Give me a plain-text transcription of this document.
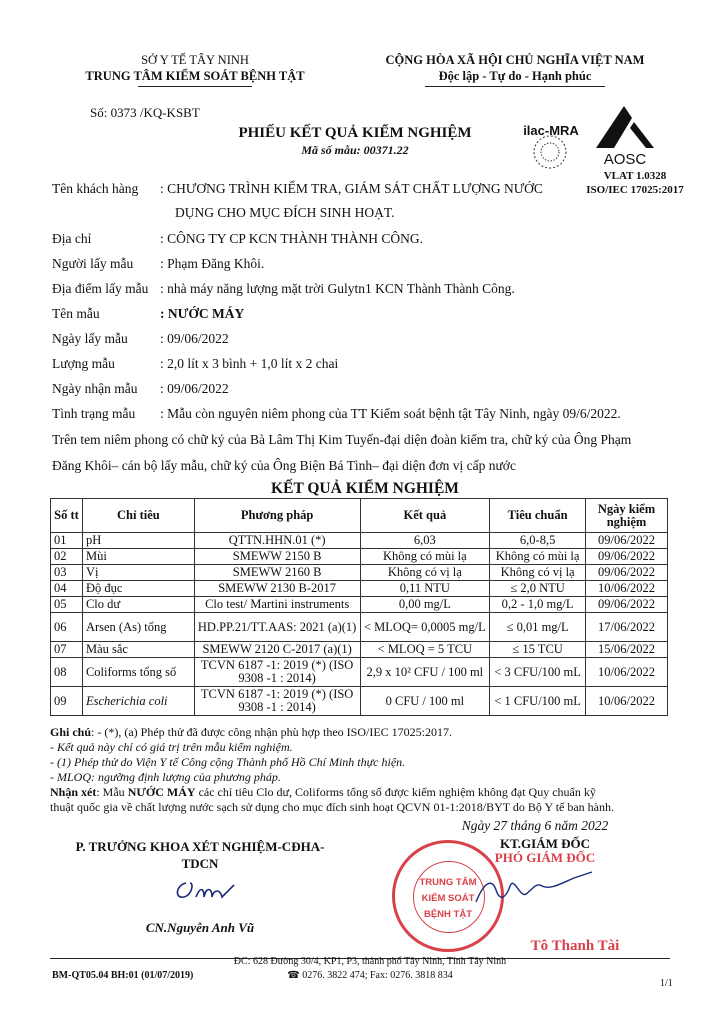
SỞ Y TẾ TÂY NINH
TRUNG TÂM KIỂM SOÁT BỆNH TẬT
CỘNG HÒA XÃ HỘI CHỦ NGHĨA VIỆT NAM
Độc lập - Tự do - Hạnh phúc
Số: 0373 /KQ-KSBT
PHIẾU KẾT QUẢ KIỂM NGHIỆM
Mã số mẫu: 00371.22
ilac-MRA
AOSC
VLAT 1.0328
ISO/IEC 17025:2017
Tên khách hàng : CHƯƠNG TRÌNH KIỂM TRA, GIÁM SÁT CHẤT LƯỢNG NƯỚC
DỤNG CHO MỤC ĐÍCH SINH HOẠT.
Địa chỉ	: CÔNG TY CP KCN THÀNH THÀNH CÔNG.
Người lấy mẫu : Phạm Đăng Khôi.
Địa điểm lấy mẫu : nhà máy năng lượng mặt trời Gulytn1 KCN Thành Thành Công.
Tên mẫu	: NƯỚC MÁY
Ngày lấy mẫu : 09/06/2022
Lượng mẫu	: 2,0 lít x 3 bình + 1,0 lít x 2 chai
Ngày nhận mẫu : 09/06/2022
Tình trạng mẫu : Mẫu còn nguyên niêm phong của TT Kiểm soát bệnh tật Tây Ninh, ngày 09/6/2022.
Trên tem niêm phong có chữ ký của Bà Lâm Thị Kim Tuyến-đại diện đoàn kiểm tra, chữ ký của Ông Phạm
Đăng Khôi– cán bộ lấy mẫu, chữ ký của Ông Biện Bá Tình– đại diện đơn vị cấp nước
KẾT QUẢ KIỂM NGHIỆM
Số tt	Chỉ tiêu	Phương pháp	Kết quả	Tiêu chuẩn	Ngày kiểm nghiệm
01	pH	QTTN.HHN.01 (*)	6,03	6,0-8,5	09/06/2022
02	Mùi	SMEWW 2150 B	Không có mùi lạ	Không có mùi lạ	09/06/2022
03	Vị	SMEWW 2160 B	Không có vị lạ	Không có vị lạ	09/06/2022
04	Độ đục	SMEWW 2130 B-2017	0,11 NTU	≤ 2,0 NTU	10/06/2022
05	Clo dư	Clo test/ Martini instruments	0,00 mg/L	0,2 - 1,0 mg/L	09/06/2022
06	Arsen (As) tổng	HD.PP.21/TT.AAS: 2021 (a)(1)	< MLOQ= 0,0005 mg/L	≤ 0,01 mg/L	17/06/2022
07	Màu sắc	SMEWW 2120 C-2017 (a)(1)	< MLOQ = 5 TCU	≤ 15 TCU	15/06/2022
08	Coliforms tổng số	TCVN 6187 -1: 2019 (*) (ISO 9308 -1 : 2014)	2,9 x 10² CFU / 100 ml	< 3 CFU/100 mL	10/06/2022
09	Escherichia coli	TCVN 6187 -1: 2019 (*) (ISO 9308 -1 : 2014)	0 CFU / 100 ml	< 1 CFU/100 mL	10/06/2022
Ghi chú: - (*), (a) Phép thử đã được công nhận phù hợp theo ISO/IEC 17025:2017.
- Kết quả này chỉ có giá trị trên mẫu kiểm nghiệm.
- (1) Phép thử do Viện Y tế Công cộng Thành phố Hồ Chí Minh thực hiện.
- MLOQ: ngưỡng định lượng của phương pháp.
Nhận xét: Mẫu NƯỚC MÁY các chỉ tiêu Clo dư, Coliforms tổng số được kiểm nghiệm không đạt Quy chuẩn kỹ
thuật quốc gia về chất lượng nước sạch sử dụng cho mục đích sinh hoạt QCVN 01-1:2018/BYT do Bộ Y tế ban hành.
Ngày 27 tháng 6 năm 2022
P. TRƯỞNG KHOA XÉT NGHIỆM-CĐHA-
TDCN
CN.Nguyễn Anh Vũ
KT.GIÁM ĐỐC
PHÓ GIÁM ĐỐC
TRUNG TÂM
KIỂM SOÁT
BỆNH TẬT
Tô Thanh Tài
ĐC: 628 Đường 30/4, KP1, P3, thành phố Tây Ninh, Tỉnh Tây Ninh
BM-QT05.04 BH:01 (01/07/2019)	☎ 0276. 3822 474; Fax: 0276. 3818 834
1/1
